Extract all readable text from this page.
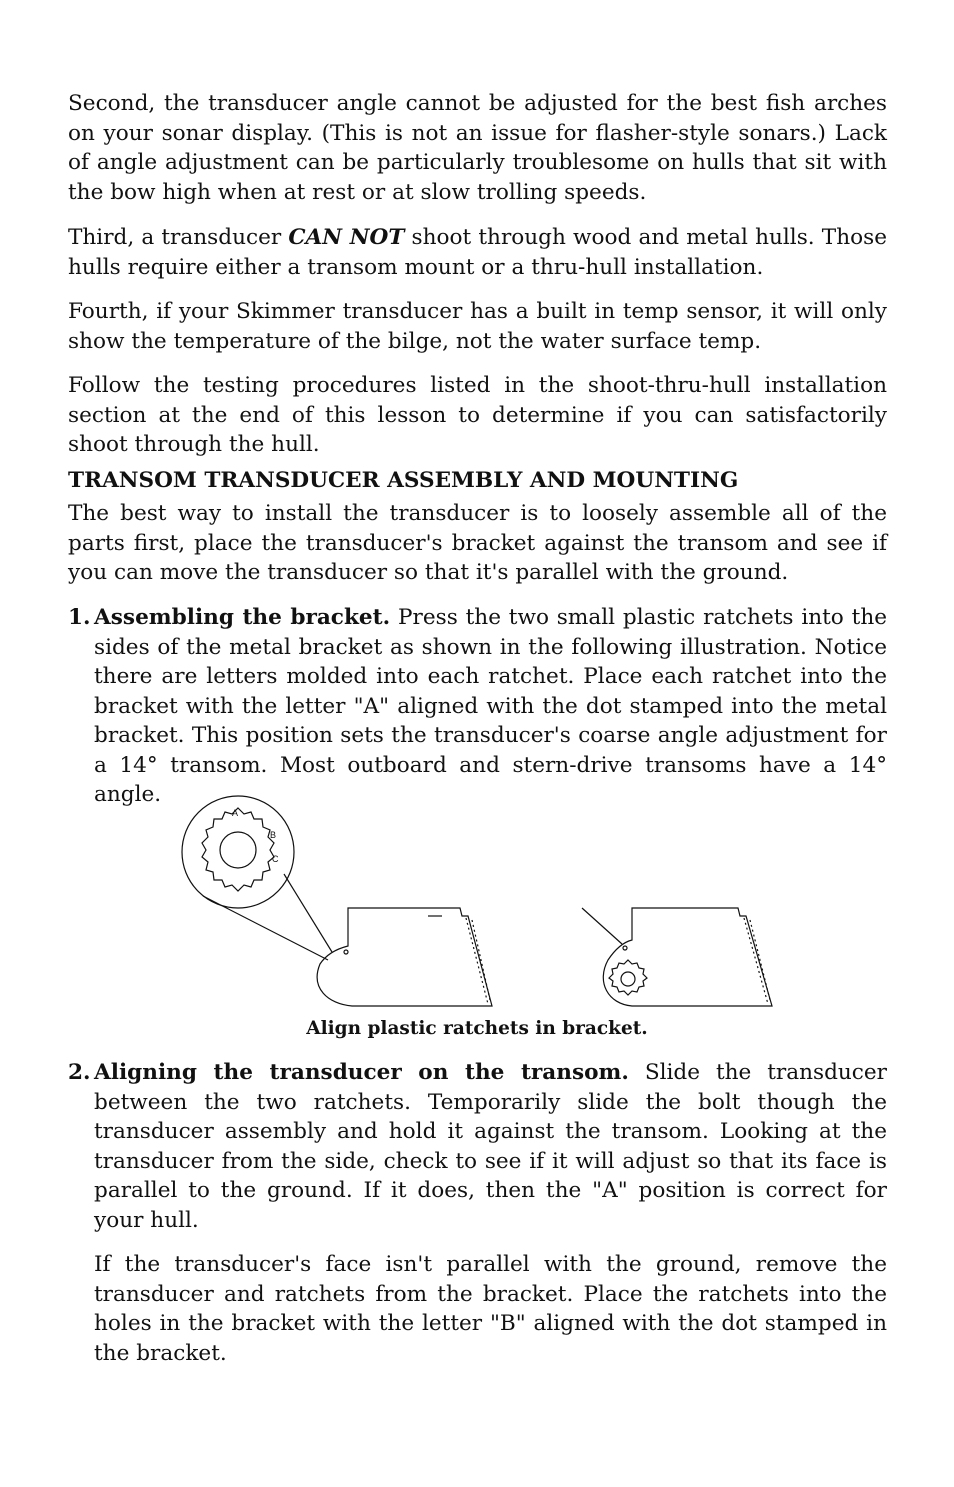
Second, the transducer angle cannot be adjusted for the best fish arches on your sonar display. (This is not an issue for flasher-style sonars.) Lack of angle adjustment can be particularly troublesome on hulls that sit with the bow high when at rest or at slow trolling speeds.

Third, a transducer CAN NOT shoot through wood and metal hulls. Those hulls require either a transom mount or a thru-hull installation.

Fourth, if your Skimmer transducer has a built in temp sensor, it will only show the temperature of the bilge, not the water surface temp.

Follow the testing procedures listed in the shoot-thru-hull installation section at the end of this lesson to determine if you can satisfactorily shoot through the hull.

TRANSOM TRANSDUCER ASSEMBLY AND MOUNTING

The best way to install the transducer is to loosely assemble all of the parts first, place the transducer's bracket against the transom and see if you can move the transducer so that it's parallel with the ground.

1. Assembling the bracket. Press the two small plastic ratchets into the sides of the metal bracket as shown in the following illustration. Notice there are letters molded into each ratchet. Place each ratchet into the bracket with the letter "A" aligned with the dot stamped into the metal bracket. This position sets the transducer's coarse angle adjustment for a 14° transom. Most outboard and stern-drive transoms have a 14° angle.

A
B
C
Align plastic ratchets in bracket.
2. Aligning the transducer on the transom. Slide the transducer between the two ratchets. Temporarily slide the bolt though the transducer assembly and hold it against the transom. Looking at the transducer from the side, check to see if it will adjust so that its face is parallel to the ground. If it does, then the "A" position is correct for your hull.

If the transducer's face isn't parallel with the ground, remove the transducer and ratchets from the bracket. Place the ratchets into the holes in the bracket with the letter "B" aligned with the dot stamped in the bracket.
